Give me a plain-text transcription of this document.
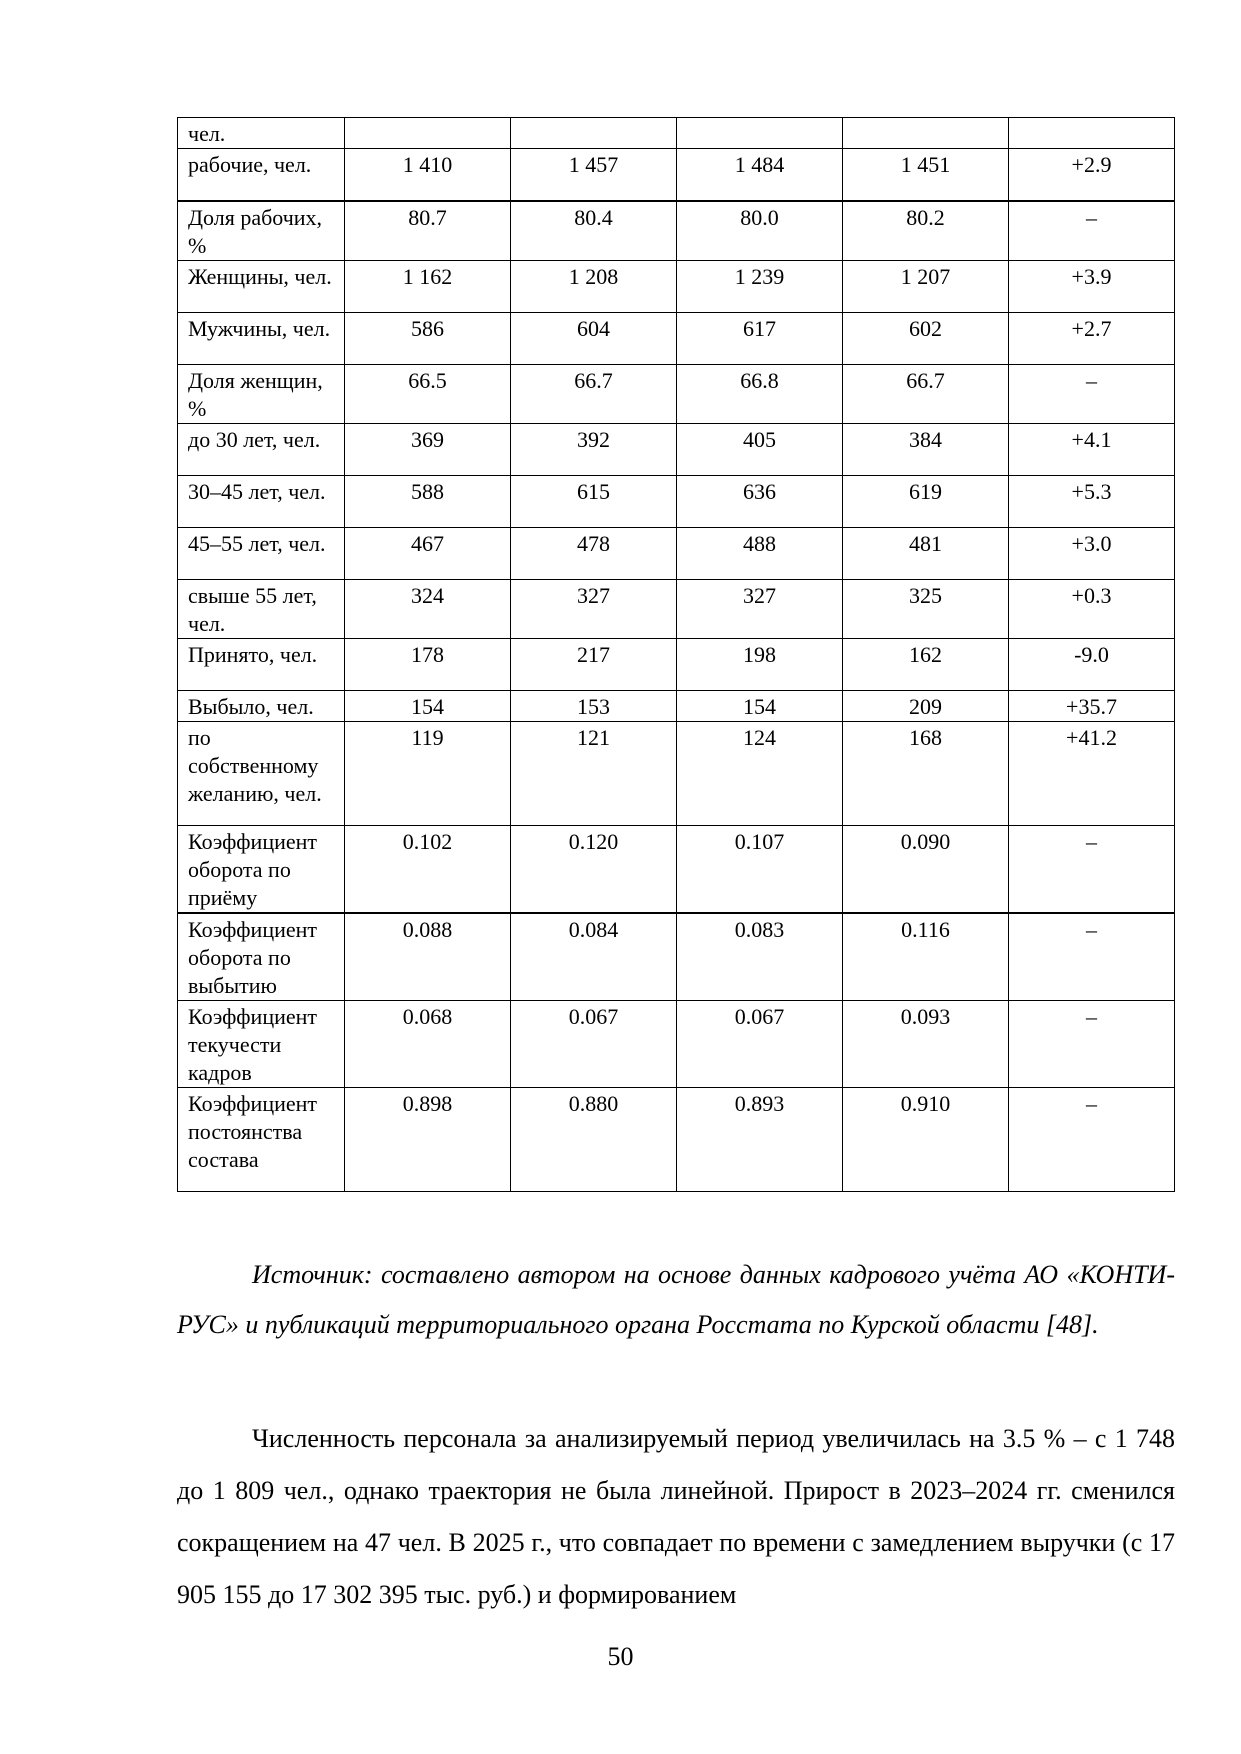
чел.					
рабочие, чел.	1 410	1 457	1 484	1 451	+2.9
Доля рабочих, %	80.7	80.4	80.0	80.2	–
Женщины, чел.	1 162	1 208	1 239	1 207	+3.9
Мужчины, чел.	586	604	617	602	+2.7
Доля женщин, %	66.5	66.7	66.8	66.7	–
до 30 лет, чел.	369	392	405	384	+4.1
30–45 лет, чел.	588	615	636	619	+5.3
45–55 лет, чел.	467	478	488	481	+3.0
свыше 55 лет, чел.	324	327	327	325	+0.3
Принято, чел.	178	217	198	162	-9.0
Выбыло, чел.	154	153	154	209	+35.7
по собственному желанию, чел.	119	121	124	168	+41.2
Коэффициент оборота по приёму	0.102	0.120	0.107	0.090	–
Коэффициент оборота по выбытию	0.088	0.084	0.083	0.116	–
Коэффициент текучести кадров	0.068	0.067	0.067	0.093	–
Коэффициент постоянства состава	0.898	0.880	0.893	0.910	–

Источник: составлено автором на основе данных кадрового учёта АО «КОНТИ-РУС» и публикаций территориального органа Росстата по Курской области [48].

Численность персонала за анализируемый период увеличилась на 3.5 % – с 1 748 до 1 809 чел., однако траектория не была линейной. Прирост в 2023–2024 гг. сменился сокращением на 47 чел. В 2025 г., что совпадает по времени с замедлением выручки (с 17 905 155 до 17 302 395 тыс. руб.) и формированием

50
